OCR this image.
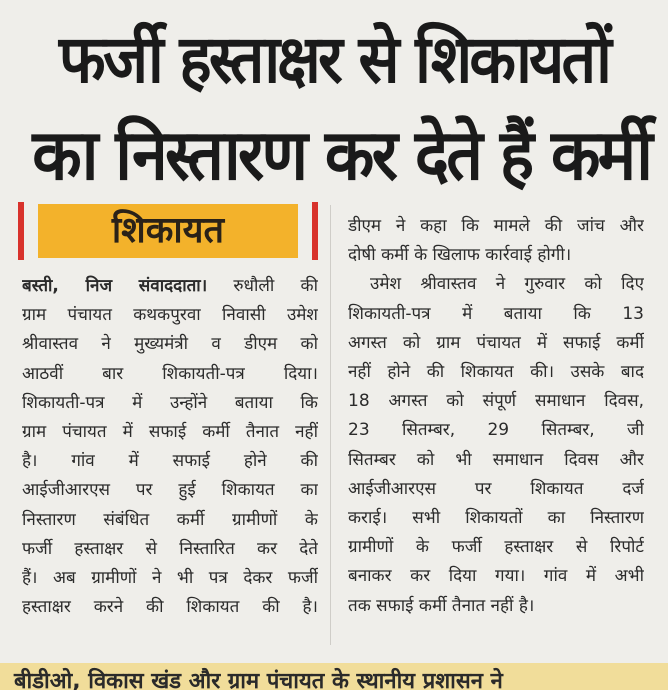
फर्जी हस्ताक्षर से शिकायतों
का निस्तारण कर देते हैं कर्मी
शिकायत
बस्ती, निज संवाददाता। रुधौली की
ग्राम पंचायत कथकपुरवा निवासी उमेश
श्रीवास्तव ने मुख्यमंत्री व डीएम को
आठवीं बार शिकायती-पत्र दिया।
शिकायती-पत्र में उन्होंने बताया कि
ग्राम पंचायत में सफाई कर्मी तैनात नहीं
है। गांव में सफाई होने की
आईजीआरएस पर हुई शिकायत का
निस्तारण संबंधित कर्मी ग्रामीणों के
फर्जी हस्ताक्षर से निस्तारित कर देते
हैं। अब ग्रामीणों ने भी पत्र देकर फर्जी
हस्ताक्षर करने की शिकायत की है।
डीएम ने कहा कि मामले की जांच और
दोषी कर्मी के खिलाफ कार्रवाई होगी।
उमेश श्रीवास्तव ने गुरुवार को दिए
शिकायती-पत्र में बताया कि 13
अगस्त को ग्राम पंचायत में सफाई कर्मी
नहीं होने की शिकायत की। उसके बाद
18 अगस्त को संपूर्ण समाधान दिवस,
23 सितम्बर, 29 सितम्बर, जी
सितम्बर को भी समाधान दिवस और
आईजीआरएस पर शिकायत दर्ज
कराई। सभी शिकायतों का निस्तारण
ग्रामीणों के फर्जी हस्ताक्षर से रिपोर्ट
बनाकर कर दिया गया। गांव में अभी
तक सफाई कर्मी तैनात नहीं है।
बीडीओ, विकास खंड और ग्राम पंचायत के स्थानीय प्रशासन ने
